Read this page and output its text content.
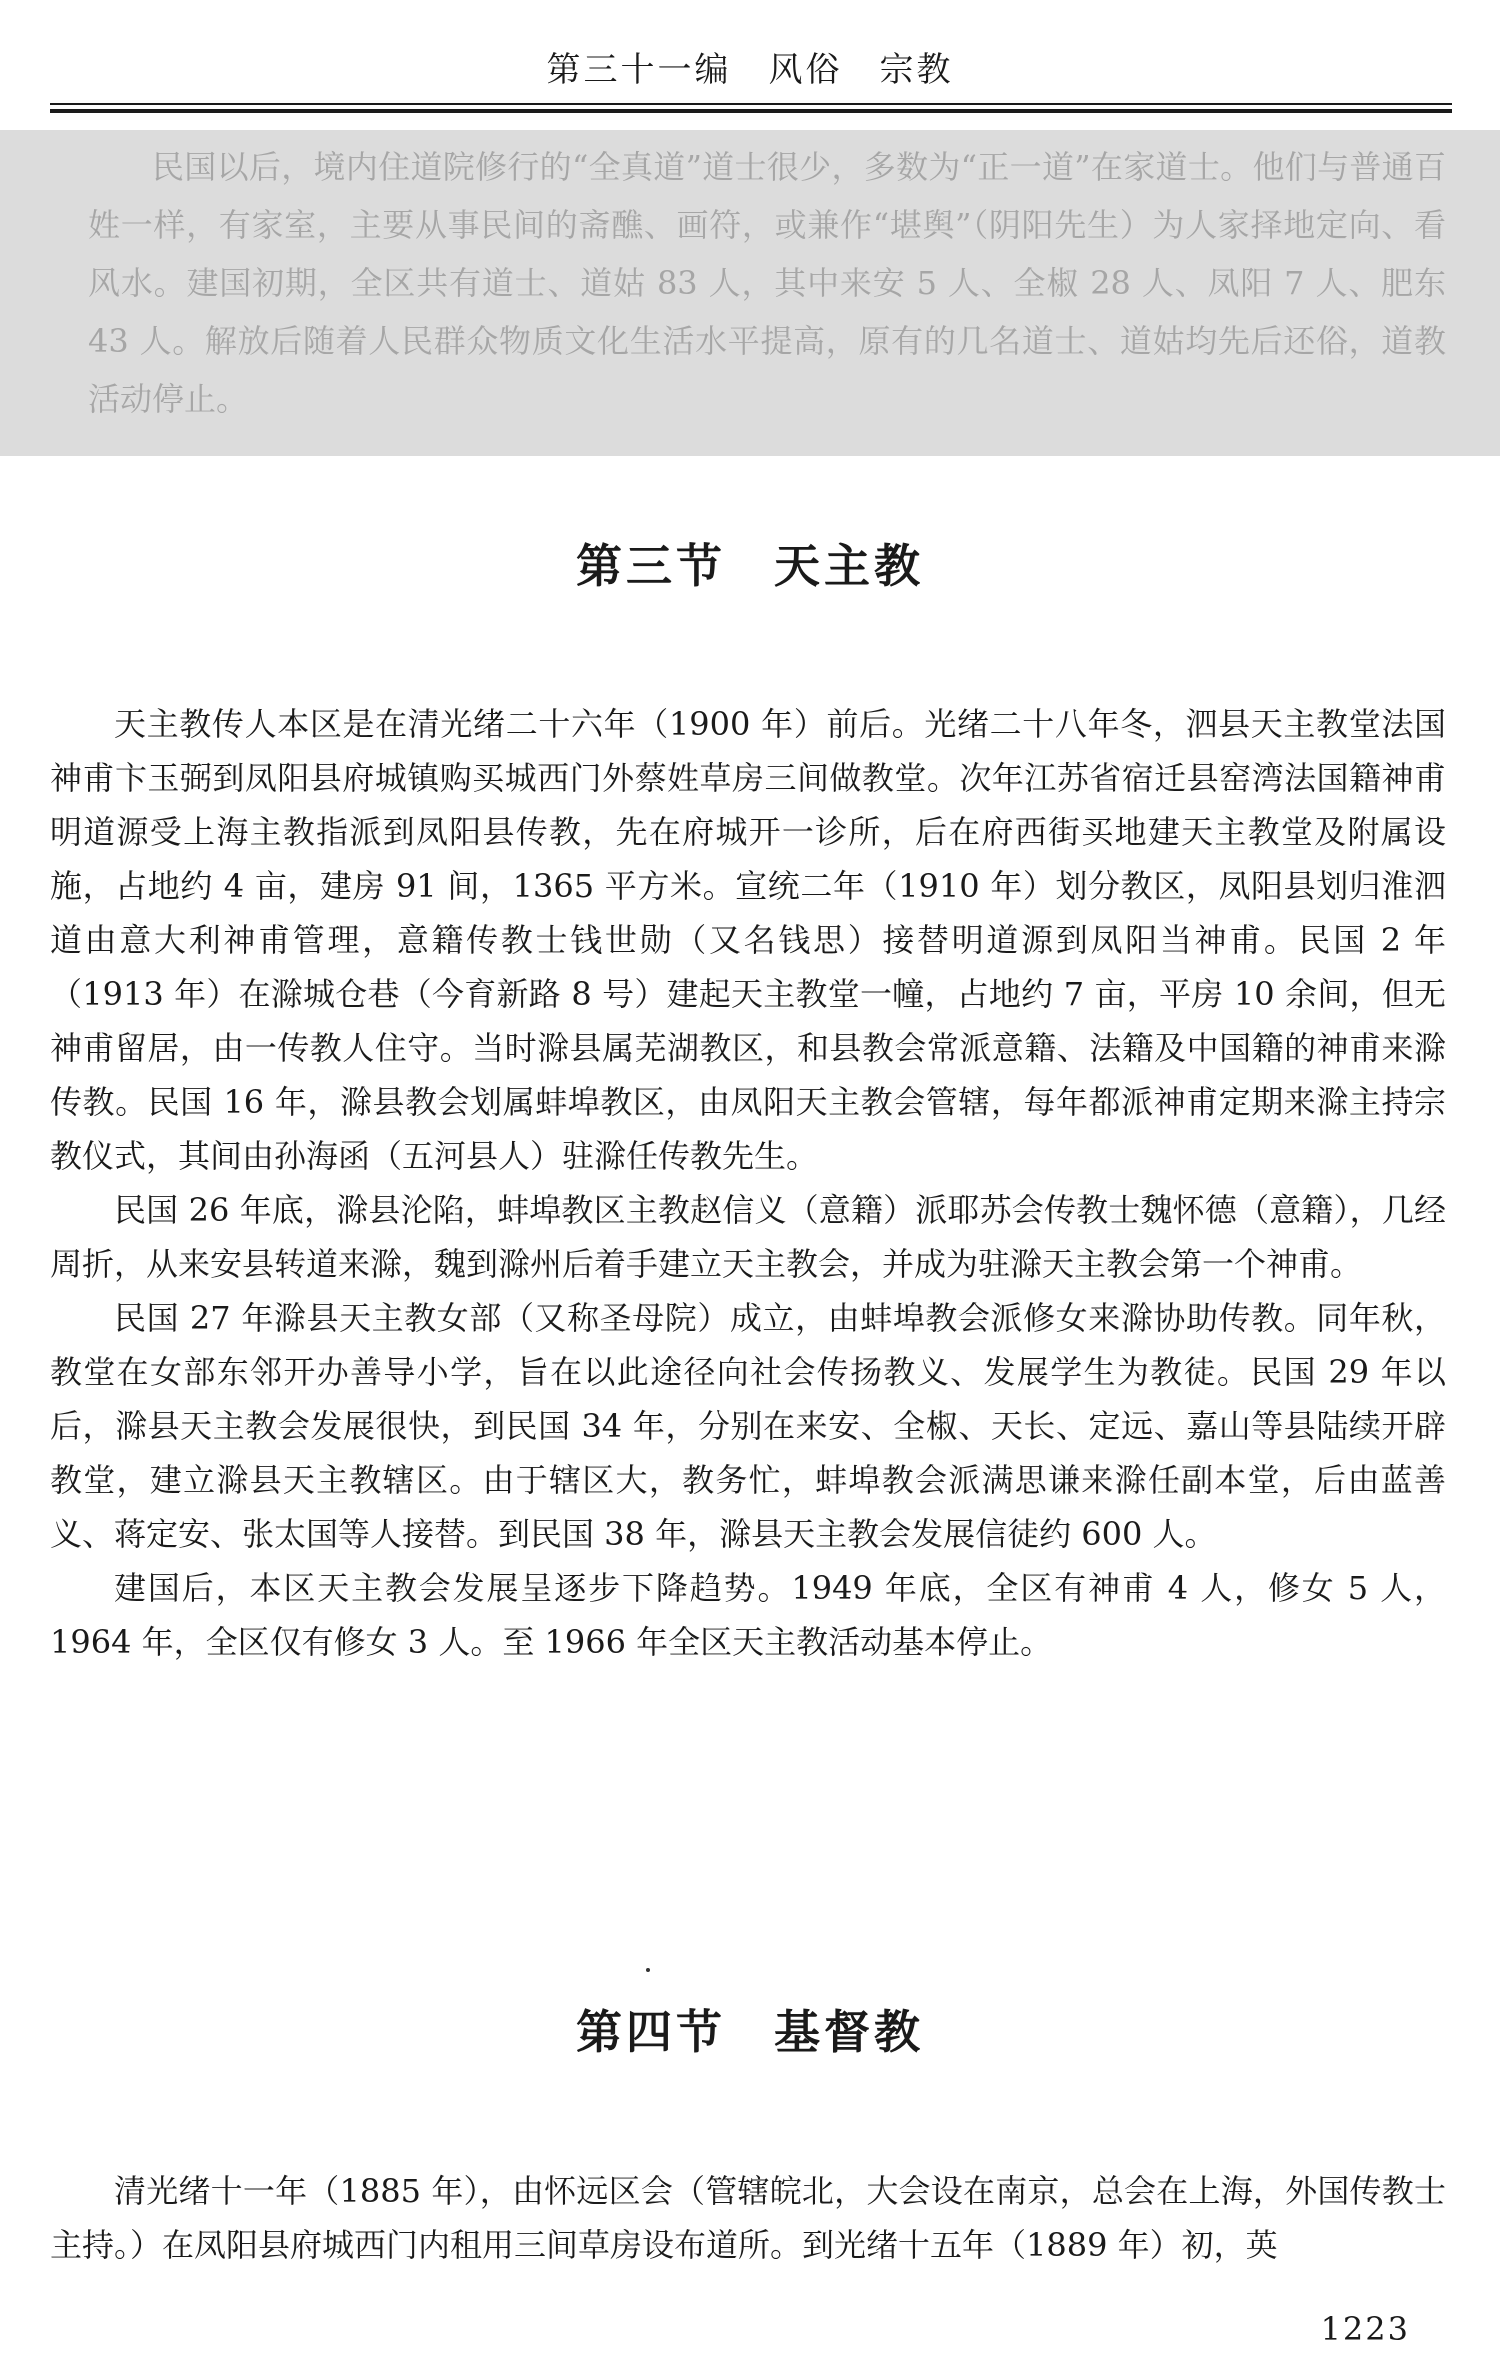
第三十一编　风俗　宗教

民国以后，境内住道院修行的“全真道”道士很少，多数为“正一道”在家道士。他们与普通百姓一样，有家室，主要从事民间的斋醮、画符，或兼作“堪舆”（阴阳先生）为人家择地定向、看风水。建国初期，全区共有道士、道姑 83 人，其中来安 5 人、全椒 28 人、凤阳 7 人、肥东 43 人。解放后随着人民群众物质文化生活水平提高，原有的几名道士、道姑均先后还俗，道教活动停止。

第三节 天主教

天主教传人本区是在清光绪二十六年（1900 年）前后。光绪二十八年冬，泗县天主教堂法国神甫卞玉弼到凤阳县府城镇购买城西门外蔡姓草房三间做教堂。次年江苏省宿迁县窑湾法国籍神甫明道源受上海主教指派到凤阳县传教，先在府城开一诊所，后在府西街买地建天主教堂及附属设施，占地约 4 亩，建房 91 间，1365 平方米。宣统二年（1910 年）划分教区，凤阳县划归淮泗道由意大利神甫管理，意籍传教士钱世勋（又名钱思）接替明道源到凤阳当神甫。民国 2 年（1913 年）在滁城仓巷（今育新路 8 号）建起天主教堂一幢，占地约 7 亩，平房 10 余间，但无神甫留居，由一传教人住守。当时滁县属芜湖教区，和县教会常派意籍、法籍及中国籍的神甫来滁传教。民国 16 年，滁县教会划属蚌埠教区，由凤阳天主教会管辖，每年都派神甫定期来滁主持宗教仪式，其间由孙海函（五河县人）驻滁任传教先生。

民国 26 年底，滁县沦陷，蚌埠教区主教赵信义（意籍）派耶苏会传教士魏怀德（意籍），几经周折，从来安县转道来滁，魏到滁州后着手建立天主教会，并成为驻滁天主教会第一个神甫。

民国 27 年滁县天主教女部（又称圣母院）成立，由蚌埠教会派修女来滁协助传教。同年秋，教堂在女部东邻开办善导小学，旨在以此途径向社会传扬教义、发展学生为教徒。民国 29 年以后，滁县天主教会发展很快，到民国 34 年，分别在来安、全椒、天长、定远、嘉山等县陆续开辟教堂，建立滁县天主教辖区。由于辖区大，教务忙，蚌埠教会派满思谦来滁任副本堂，后由蓝善义、蒋定安、张太国等人接替。到民国 38 年，滁县天主教会发展信徒约 600 人。

建国后，本区天主教会发展呈逐步下降趋势。1949 年底，全区有神甫 4 人，修女 5 人，1964 年，全区仅有修女 3 人。至 1966 年全区天主教活动基本停止。

第四节 基督教

清光绪十一年（1885 年），由怀远区会（管辖皖北，大会设在南京，总会在上海，外国传教士主持。）在凤阳县府城西门内租用三间草房设布道所。到光绪十五年（1889 年）初，英

1223
